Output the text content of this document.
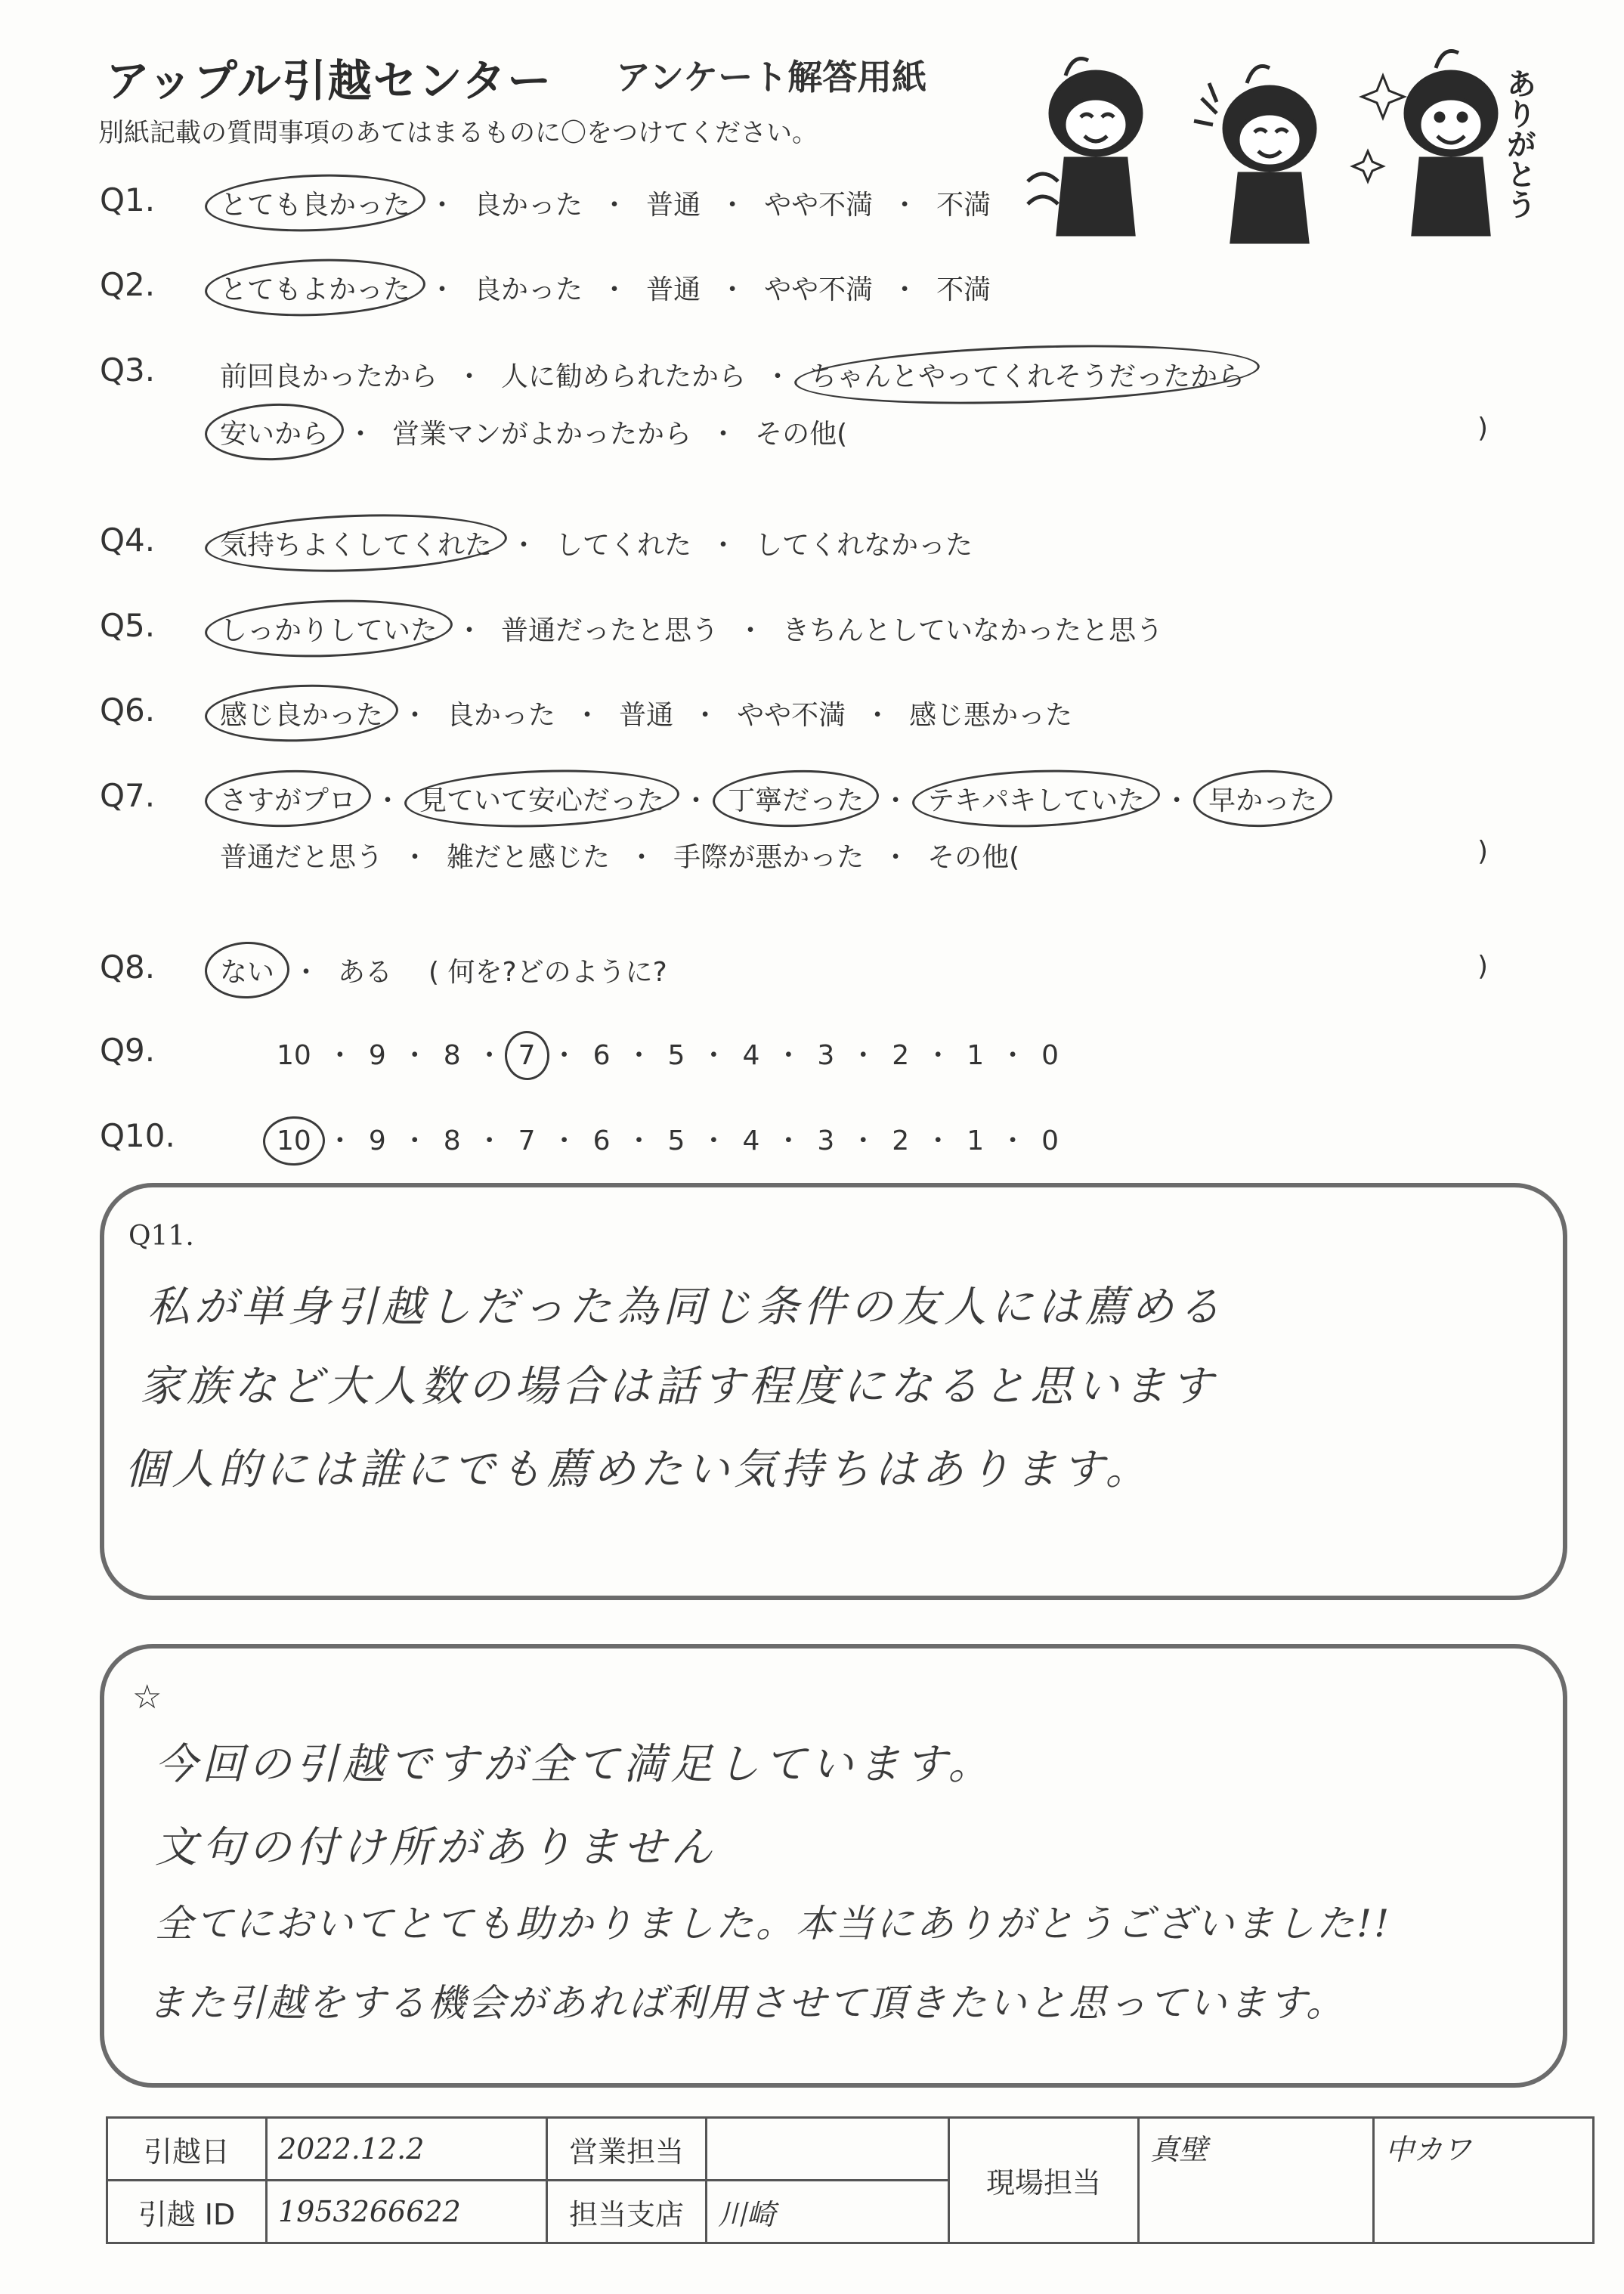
アップル引越センター アンケート解答用紙
別紙記載の質問事項のあてはまるものに〇をつけてください。	ありがとう
Q1. とても良かった ・ 良かった ・ 普通 ・ やや不満 ・ 不満
Q2. とてもよかった ・ 良かった ・ 普通 ・ やや不満 ・ 不満
Q3. 前回良かったから ・ 人に勧められたから ・ ちゃんとやってくれそうだったから
安いから ・ 営業マンがよかったから ・ その他(	)
Q4. 気持ちよくしてくれた ・ してくれた ・ してくれなかった
Q5. しっかりしていた ・ 普通だったと思う ・ きちんとしていなかったと思う
Q6. 感じ良かった ・ 良かった ・ 普通 ・ やや不満 ・ 感じ悪かった
Q7. さすがプロ ・ 見ていて安心だった ・ 丁寧だった ・ テキパキしていた ・ 早かった
普通だと思う ・ 雑だと感じた ・ 手際が悪かった ・ その他(	)
Q8. ない ・ ある ( 何を?どのように?	)
Q9.	10 ・ 9 ・ 8 ・ 7 ・ 6 ・ 5 ・ 4 ・ 3 ・ 2 ・ 1 ・ 0
Q10.	10 ・ 9 ・ 8 ・ 7 ・ 6 ・ 5 ・ 4 ・ 3 ・ 2 ・ 1 ・ 0
Q11.
私が単身引越しだった為同じ条件の友人には薦める
家族など大人数の場合は話す程度になると思います
個人的には誰にでも薦めたい気持ちはあります。
☆
今回の引越ですが全て満足しています。
文句の付け所がありません
全てにおいてとても助かりました。本当にありがとうございました!!
また引越をする機会があれば利用させて頂きたいと思っています。
引越日	2022.12.2	営業担当		現場担当	真壁	中カワ
引越 ID	1953266622	担当支店	川崎			
